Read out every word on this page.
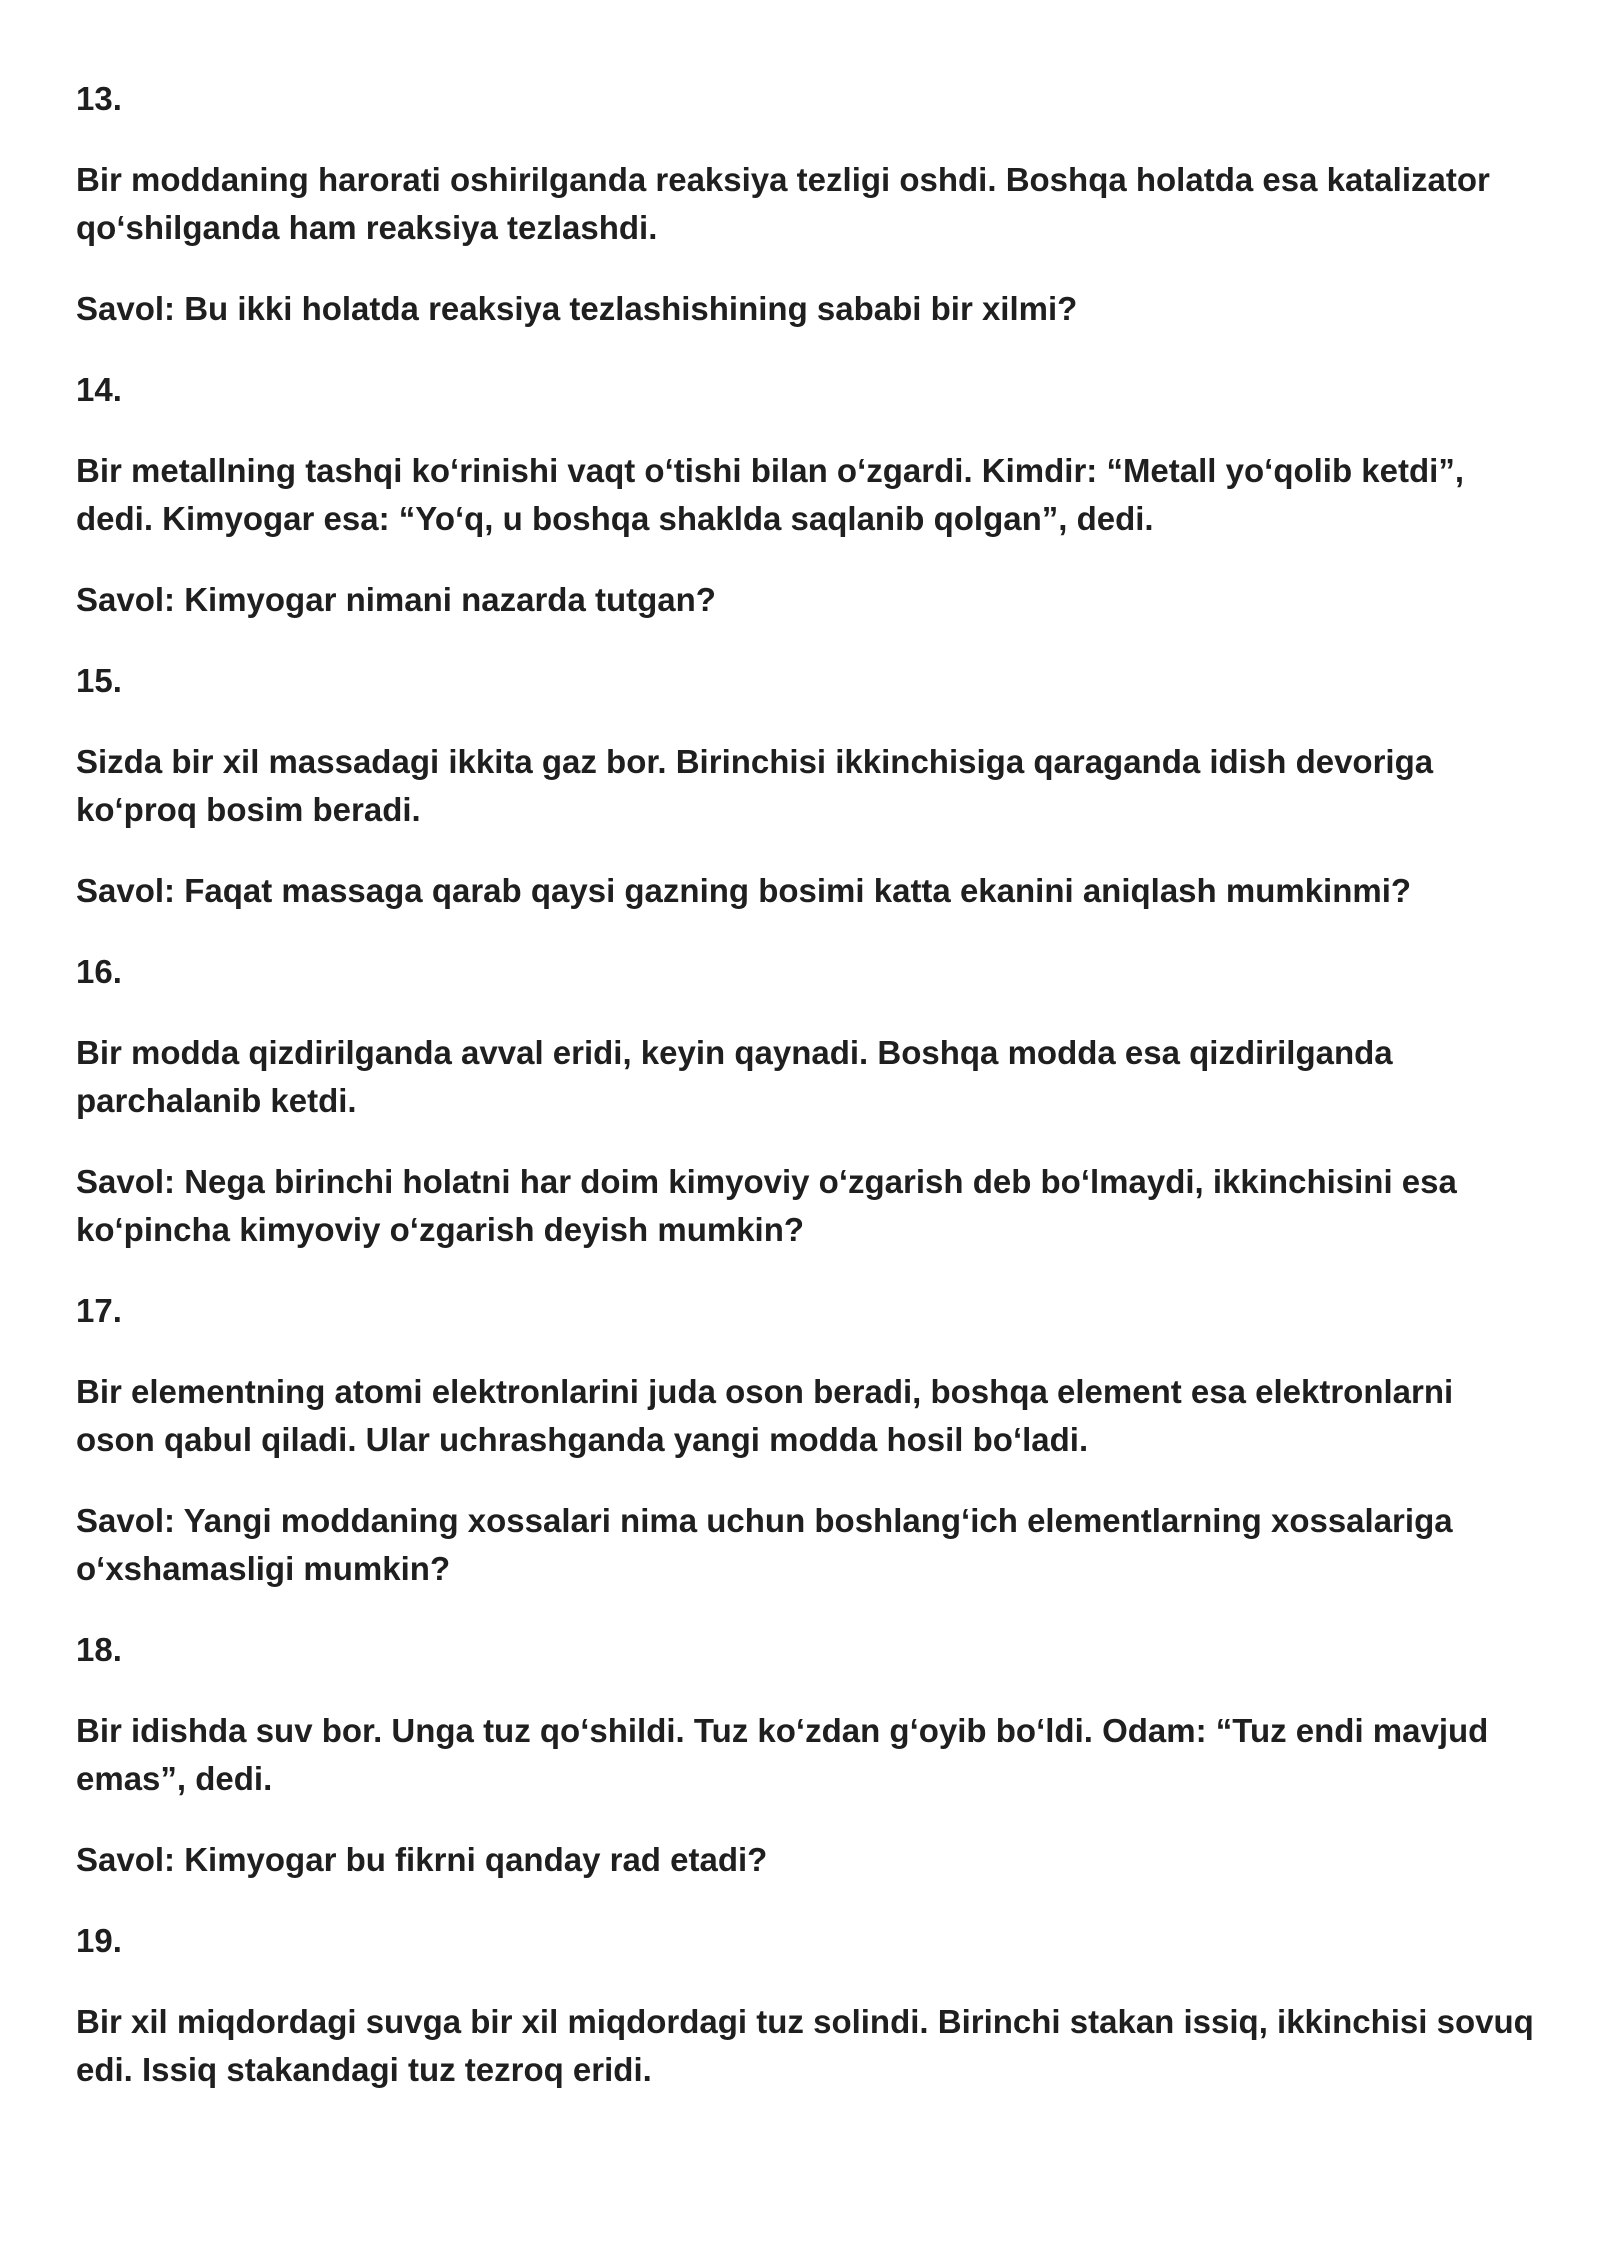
13.

Bir moddaning harorati oshirilganda reaksiya tezligi oshdi. Boshqa holatda esa katalizator qo‘shilganda ham reaksiya tezlashdi.

Savol: Bu ikki holatda reaksiya tezlashishining sababi bir xilmi?

14.

Bir metallning tashqi ko‘rinishi vaqt o‘tishi bilan o‘zgardi. Kimdir: “Metall yo‘qolib ketdi”, dedi. Kimyogar esa: “Yo‘q, u boshqa shaklda saqlanib qolgan”, dedi.

Savol: Kimyogar nimani nazarda tutgan?

15.

Sizda bir xil massadagi ikkita gaz bor. Birinchisi ikkinchisiga qaraganda idish devoriga ko‘proq bosim beradi.

Savol: Faqat massaga qarab qaysi gazning bosimi katta ekanini aniqlash mumkinmi?

16.

Bir modda qizdirilganda avval eridi, keyin qaynadi. Boshqa modda esa qizdirilganda parchalanib ketdi.

Savol: Nega birinchi holatni har doim kimyoviy o‘zgarish deb bo‘lmaydi, ikkinchisini esa ko‘pincha kimyoviy o‘zgarish deyish mumkin?

17.

Bir elementning atomi elektronlarini juda oson beradi, boshqa element esa elektronlarni oson qabul qiladi. Ular uchrashganda yangi modda hosil bo‘ladi.

Savol: Yangi moddaning xossalari nima uchun boshlang‘ich elementlarning xossalariga o‘xshamasligi mumkin?

18.

Bir idishda suv bor. Unga tuz qo‘shildi. Tuz ko‘zdan g‘oyib bo‘ldi. Odam: “Tuz endi mavjud emas”, dedi.

Savol: Kimyogar bu fikrni qanday rad etadi?

19.

Bir xil miqdordagi suvga bir xil miqdordagi tuz solindi. Birinchi stakan issiq, ikkinchisi sovuq edi. Issiq stakandagi tuz tezroq eridi.
